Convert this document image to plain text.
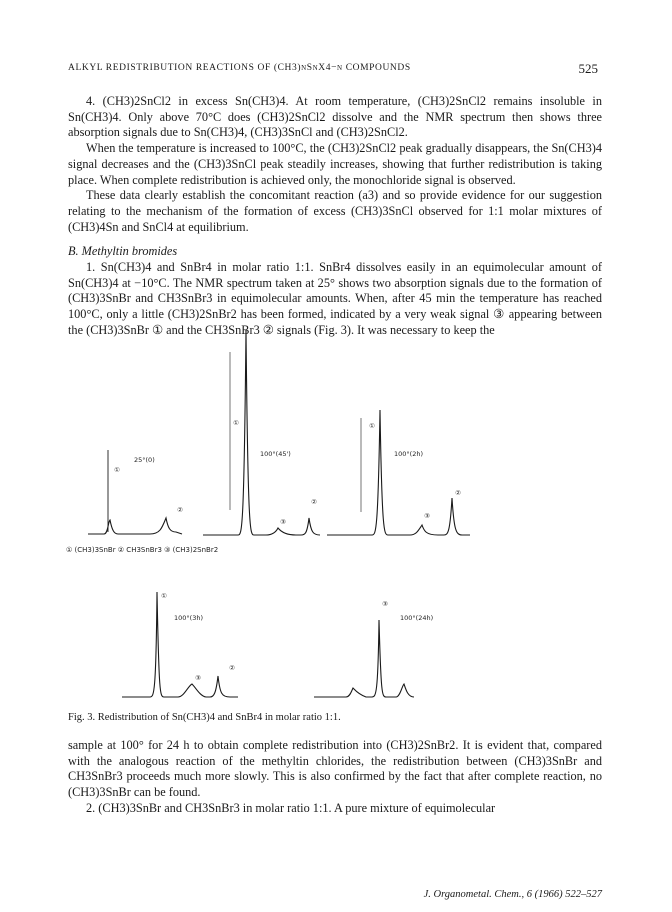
ALKYL REDISTRIBUTION REACTIONS OF (CH3)nSnX4−n COMPOUNDS	525

4. (CH3)2SnCl2 in excess Sn(CH3)4. At room temperature, (CH3)2SnCl2 remains insoluble in Sn(CH3)4. Only above 70°C does (CH3)2SnCl2 dissolve and the NMR spectrum then shows three absorption signals due to Sn(CH3)4, (CH3)3SnCl and (CH3)2SnCl2.

When the temperature is increased to 100°C, the (CH3)2SnCl2 peak gradually disappears, the Sn(CH3)4 signal decreases and the (CH3)3SnCl peak steadily increases, showing that further redistribution is taking place. When complete redistribution is achieved only, the monochloride signal is observed.

These data clearly establish the concomitant reaction (a3) and so provide evidence for our suggestion relating to the mechanism of the formation of excess (CH3)3SnCl observed for 1:1 molar mixtures of (CH3)4Sn and SnCl4 at equilibrium.

B. Methyltin bromides

1. Sn(CH3)4 and SnBr4 in molar ratio 1:1. SnBr4 dissolves easily in an equimolecular amount of Sn(CH3)4 at −10°C. The NMR spectrum taken at 25° shows two absorption signals due to the formation of (CH3)3SnBr and CH3SnBr3 in equimolecular amounts. When, after 45 min the temperature has reached 100°C, only a little (CH3)2SnBr2 has been formed, indicated by a very weak signal ③ appearing between the (CH3)3SnBr ① and the CH3SnBr3 ② signals (Fig. 3). It was necessary to keep the

25°(0)
100°(45')	100°(2h)
100°(3h)	100°(24h)
①
②
①
②
③
①
②
③
①
②
③
③
① (CH3)3SnBr ② CH3SnBr3 ③ (CH3)2SnBr2
Fig. 3. Redistribution of Sn(CH3)4 and SnBr4 in molar ratio 1:1.

sample at 100° for 24 h to obtain complete redistribution into (CH3)2SnBr2. It is evident that, compared with the analogous reaction of the methyltin chlorides, the redistribution between (CH3)3SnBr and CH3SnBr3 proceeds much more slowly. This is also confirmed by the fact that after complete reaction, no (CH3)3SnBr can be found.

2. (CH3)3SnBr and CH3SnBr3 in molar ratio 1:1. A pure mixture of equimolecular

J. Organometal. Chem., 6 (1966) 522–527
